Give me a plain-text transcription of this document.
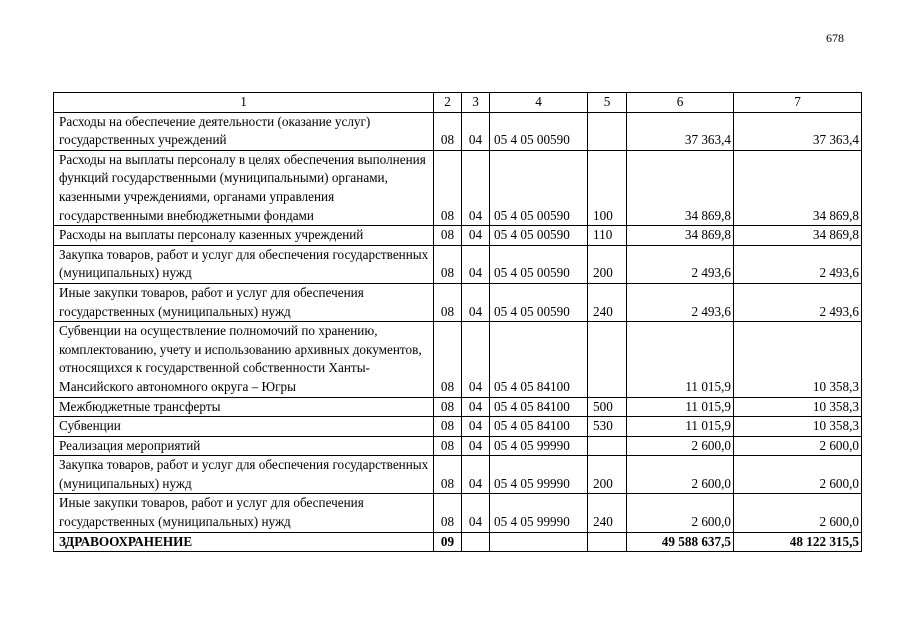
678
1	2	3	4	5	6	7
Расходы на обеспечение деятельности (оказание услуг) государственных учреждений	08	04	05 4 05 00590		37 363,4	37 363,4
Расходы на выплаты персоналу в целях обеспечения выполнения функций государственными (муниципальными) органами, казенными учреждениями, органами управления государственными внебюджетными фондами	08	04	05 4 05 00590	100	34 869,8	34 869,8
Расходы на выплаты персоналу казенных учреждений	08	04	05 4 05 00590	110	34 869,8	34 869,8
Закупка товаров, работ и услуг для обеспечения государственных (муниципальных) нужд	08	04	05 4 05 00590	200	2 493,6	2 493,6
Иные закупки товаров, работ и услуг для обеспечения государственных (муниципальных) нужд	08	04	05 4 05 00590	240	2 493,6	2 493,6
Субвенции на осуществление полномочий по хранению, комплектованию, учету и использованию архивных документов, относящихся к государственной собственности Ханты-Мансийского автономного округа – Югры	08	04	05 4 05 84100		11 015,9	10 358,3
Межбюджетные трансферты	08	04	05 4 05 84100	500	11 015,9	10 358,3
Субвенции	08	04	05 4 05 84100	530	11 015,9	10 358,3
Реализация мероприятий	08	04	05 4 05 99990		2 600,0	2 600,0
Закупка товаров, работ и услуг для обеспечения государственных (муниципальных) нужд	08	04	05 4 05 99990	200	2 600,0	2 600,0
Иные закупки товаров, работ и услуг для обеспечения государственных (муниципальных) нужд	08	04	05 4 05 99990	240	2 600,0	2 600,0
ЗДРАВООХРАНЕНИЕ	09				49 588 637,5	48 122 315,5
